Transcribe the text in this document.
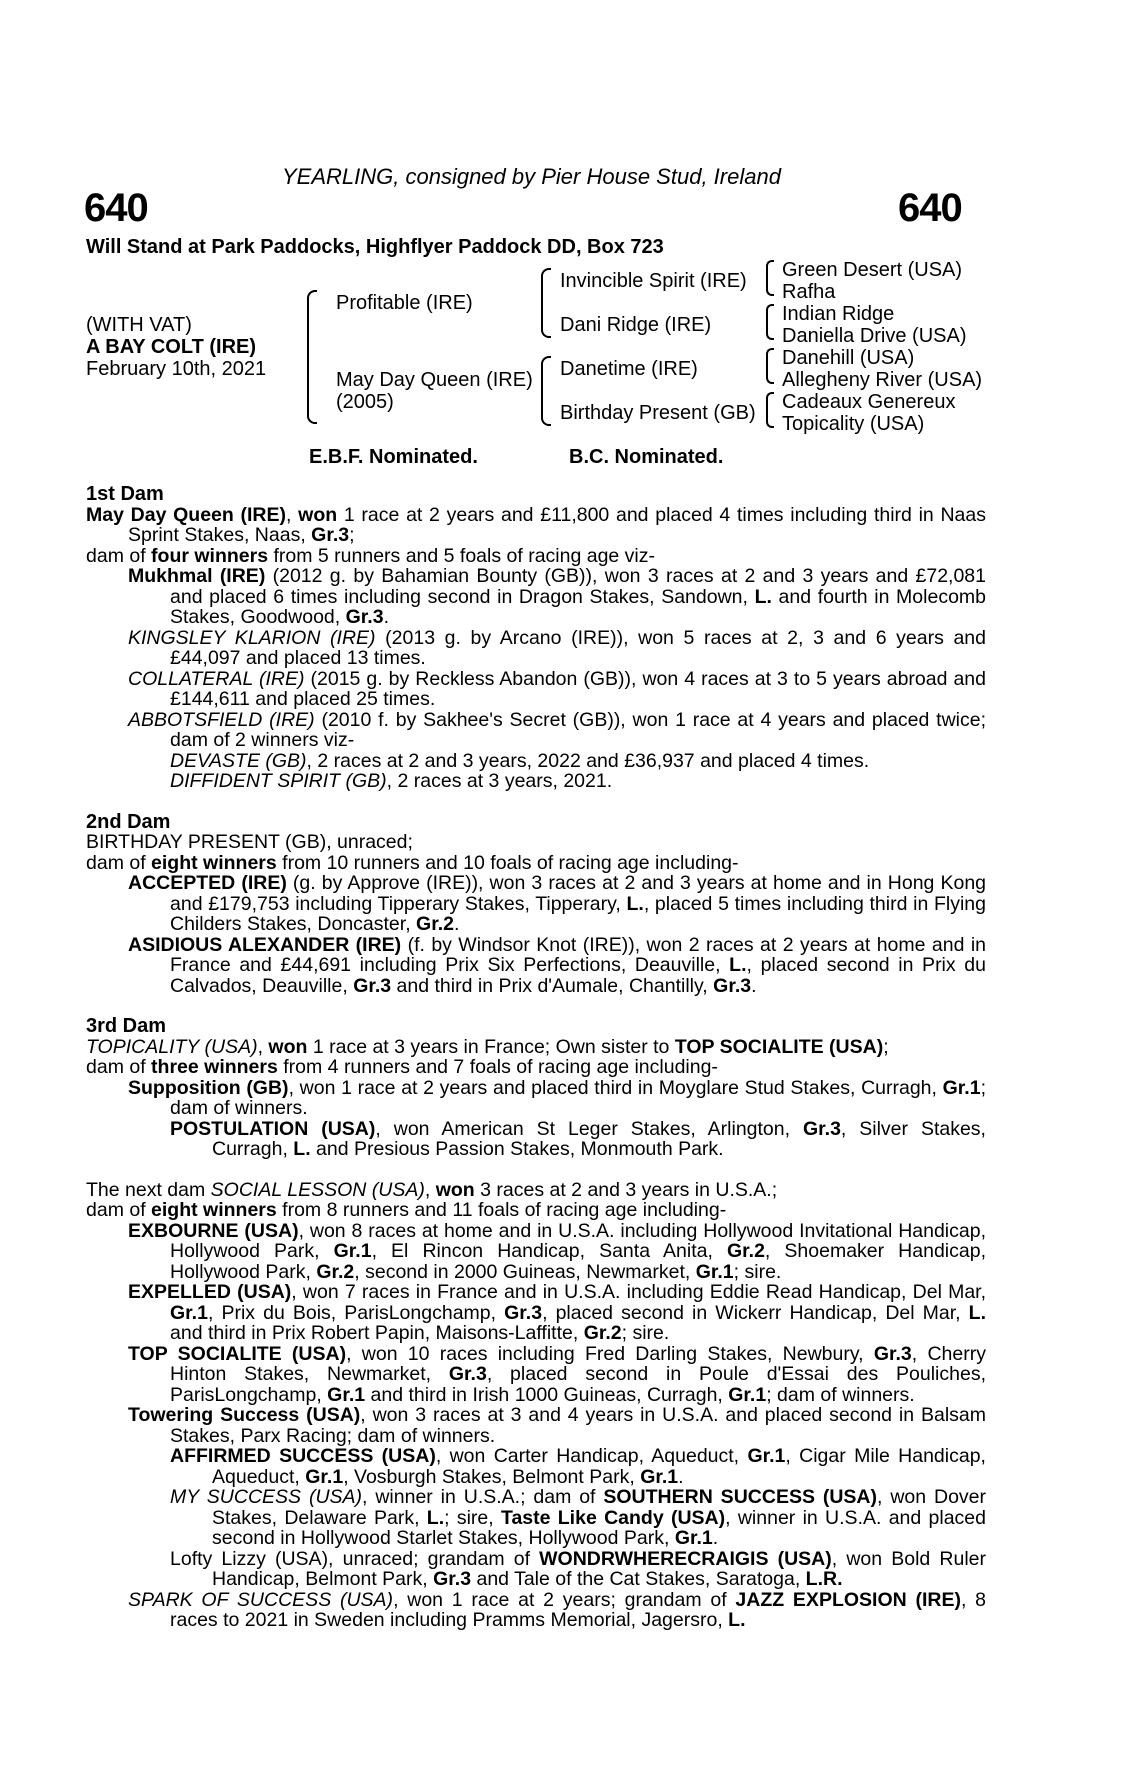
YEARLING, consigned by Pier House Stud, Ireland
640	640
Will Stand at Park Paddocks, Highflyer Paddock DD, Box 723
(WITH VAT)
A BAY COLT (IRE)
February 10th, 2021
Profitable (IRE)
May Day Queen (IRE)
(2005)
Invincible Spirit (IRE)
Dani Ridge (IRE)
Danetime (IRE)
Birthday Present (GB)
Green Desert (USA)
Rafha
Indian Ridge
Daniella Drive (USA)
Danehill (USA)
Allegheny River (USA)
Cadeaux Genereux
Topicality (USA)
E.B.F. Nominated.	B.C. Nominated.

1st Dam

May Day Queen (IRE), won 1 race at 2 years and £11,800 and placed 4 times including third in Naas Sprint Stakes, Naas, Gr.3;

dam of four winners from 5 runners and 5 foals of racing age viz-

Mukhmal (IRE) (2012 g. by Bahamian Bounty (GB)), won 3 races at 2 and 3 years and £72,081 and placed 6 times including second in Dragon Stakes, Sandown, L. and fourth in Molecomb Stakes, Goodwood, Gr.3.

KINGSLEY KLARION (IRE) (2013 g. by Arcano (IRE)), won 5 races at 2, 3 and 6 years and £44,097 and placed 13 times.

COLLATERAL (IRE) (2015 g. by Reckless Abandon (GB)), won 4 races at 3 to 5 years abroad and £144,611 and placed 25 times.

ABBOTSFIELD (IRE) (2010 f. by Sakhee's Secret (GB)), won 1 race at 4 years and placed twice; dam of 2 winners viz-

DEVASTE (GB), 2 races at 2 and 3 years, 2022 and £36,937 and placed 4 times.

DIFFIDENT SPIRIT (GB), 2 races at 3 years, 2021.

2nd Dam

BIRTHDAY PRESENT (GB), unraced;

dam of eight winners from 10 runners and 10 foals of racing age including-

ACCEPTED (IRE) (g. by Approve (IRE)), won 3 races at 2 and 3 years at home and in Hong Kong and £179,753 including Tipperary Stakes, Tipperary, L., placed 5 times including third in Flying Childers Stakes, Doncaster, Gr.2.

ASIDIOUS ALEXANDER (IRE) (f. by Windsor Knot (IRE)), won 2 races at 2 years at home and in France and £44,691 including Prix Six Perfections, Deauville, L., placed second in Prix du Calvados, Deauville, Gr.3 and third in Prix d'Aumale, Chantilly, Gr.3.

3rd Dam

TOPICALITY (USA), won 1 race at 3 years in France; Own sister to TOP SOCIALITE (USA);

dam of three winners from 4 runners and 7 foals of racing age including-

Supposition (GB), won 1 race at 2 years and placed third in Moyglare Stud Stakes, Curragh, Gr.1; dam of winners.

POSTULATION (USA), won American St Leger Stakes, Arlington, Gr.3, Silver Stakes, Curragh, L. and Presious Passion Stakes, Monmouth Park.

The next dam SOCIAL LESSON (USA), won 3 races at 2 and 3 years in U.S.A.;

dam of eight winners from 8 runners and 11 foals of racing age including-

EXBOURNE (USA), won 8 races at home and in U.S.A. including Hollywood Invitational Handicap, Hollywood Park, Gr.1, El Rincon Handicap, Santa Anita, Gr.2, Shoemaker Handicap, Hollywood Park, Gr.2, second in 2000 Guineas, Newmarket, Gr.1; sire.

EXPELLED (USA), won 7 races in France and in U.S.A. including Eddie Read Handicap, Del Mar, Gr.1, Prix du Bois, ParisLongchamp, Gr.3, placed second in Wickerr Handicap, Del Mar, L. and third in Prix Robert Papin, Maisons-Laffitte, Gr.2; sire.

TOP SOCIALITE (USA), won 10 races including Fred Darling Stakes, Newbury, Gr.3, Cherry Hinton Stakes, Newmarket, Gr.3, placed second in Poule d'Essai des Pouliches, ParisLongchamp, Gr.1 and third in Irish 1000 Guineas, Curragh, Gr.1; dam of winners.

Towering Success (USA), won 3 races at 3 and 4 years in U.S.A. and placed second in Balsam Stakes, Parx Racing; dam of winners.

AFFIRMED SUCCESS (USA), won Carter Handicap, Aqueduct, Gr.1, Cigar Mile Handicap, Aqueduct, Gr.1, Vosburgh Stakes, Belmont Park, Gr.1.

MY SUCCESS (USA), winner in U.S.A.; dam of SOUTHERN SUCCESS (USA), won Dover Stakes, Delaware Park, L.; sire, Taste Like Candy (USA), winner in U.S.A. and placed second in Hollywood Starlet Stakes, Hollywood Park, Gr.1.

Lofty Lizzy (USA), unraced; grandam of WONDRWHERECRAIGIS (USA), won Bold Ruler Handicap, Belmont Park, Gr.3 and Tale of the Cat Stakes, Saratoga, L.R.

SPARK OF SUCCESS (USA), won 1 race at 2 years; grandam of JAZZ EXPLOSION (IRE), 8 races to 2021 in Sweden including Pramms Memorial, Jagersro, L.
